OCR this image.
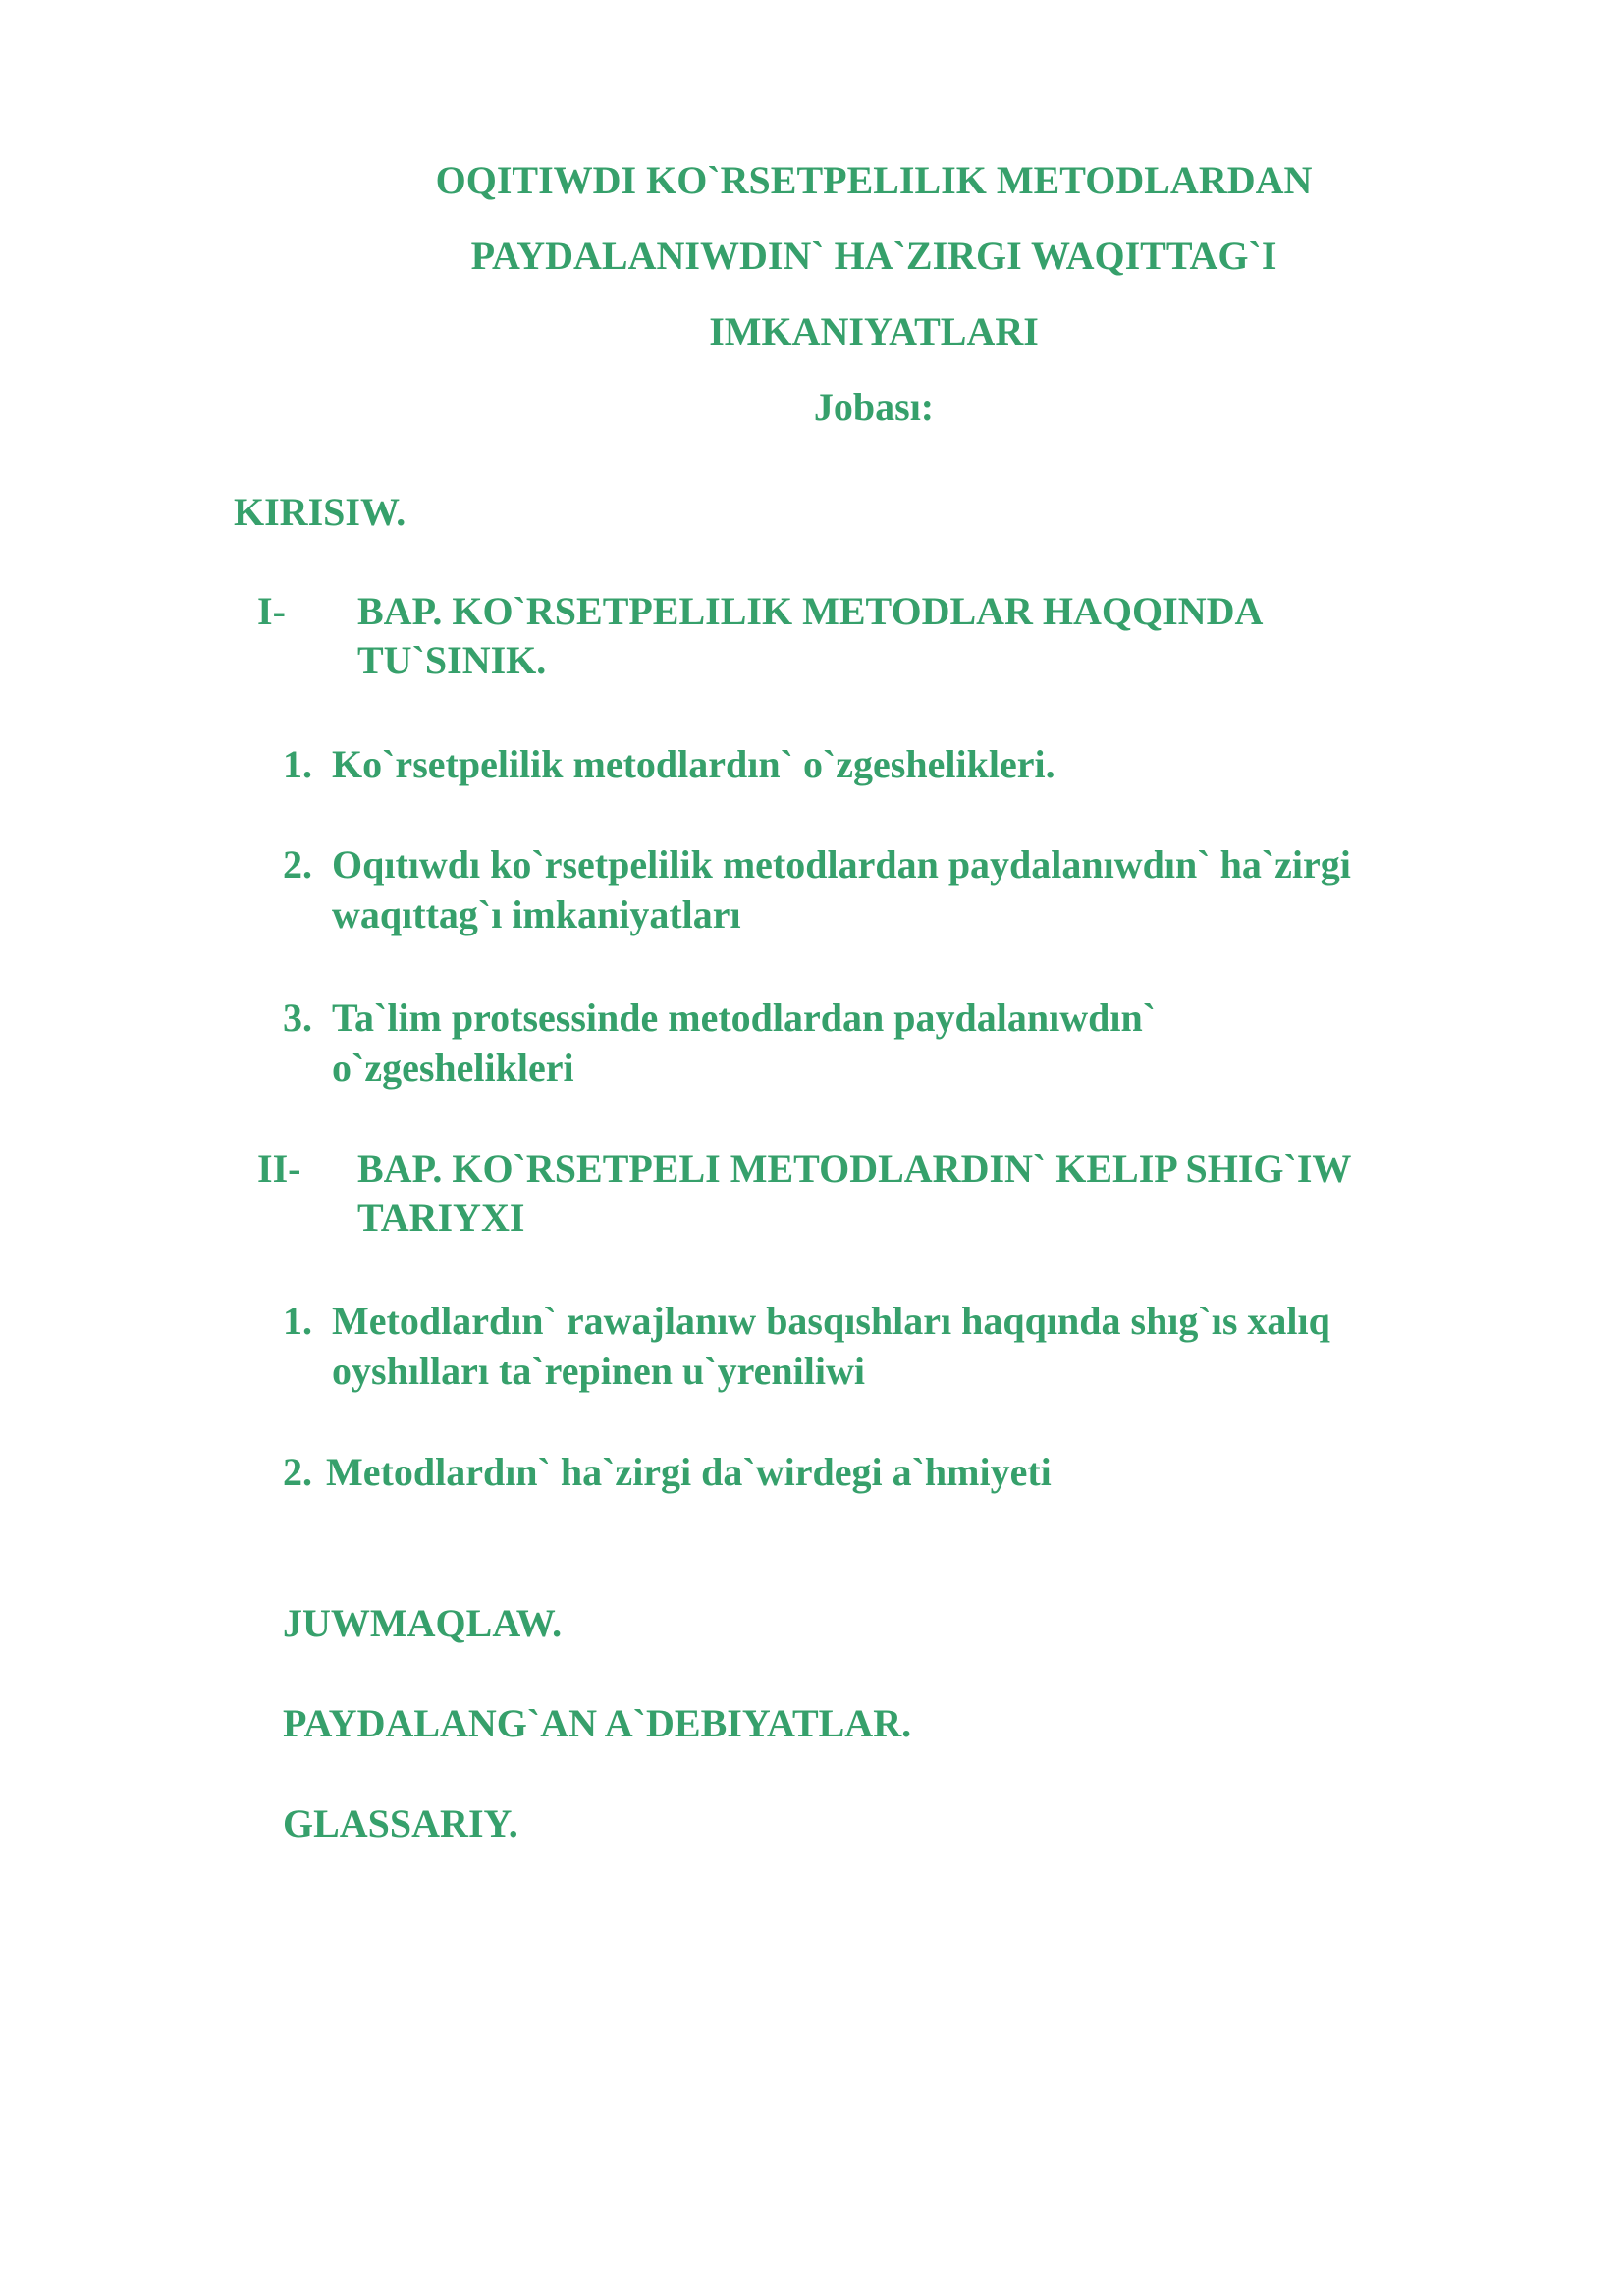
OQITIWDI KO`RSETPELILIK METODLARDAN
PAYDALANIWDIN` HA`ZIRGI WAQITTAG`I
IMKANIYATLARI
Jobası:
KIRISIW.
I- BAP. KO`RSETPELILIK METODLAR HAQQINDA
TU`SINIK.
1. Ko`rsetpelilik metodlardın` o`zgeshelikleri.
2. Oqıtıwdı ko`rsetpelilik metodlardan paydalanıwdın` ha`zirgi
waqıttag`ı imkaniyatları
3. Ta`lim protsessinde metodlardan paydalanıwdın`
o`zgeshelikleri
II- BAP. KO`RSETPELI METODLARDIN` KELIP SHIG`IW
TARIYXI
1. Metodlardın` rawajlanıw basqıshları haqqında shıg`ıs xalıq
oyshılları ta`repinen u`yreniliwi
2. Metodlardın` ha`zirgi da`wirdegi a`hmiyeti
JUWMAQLAW.
PAYDALANG`AN A`DEBIYATLAR.
GLASSARIY.
